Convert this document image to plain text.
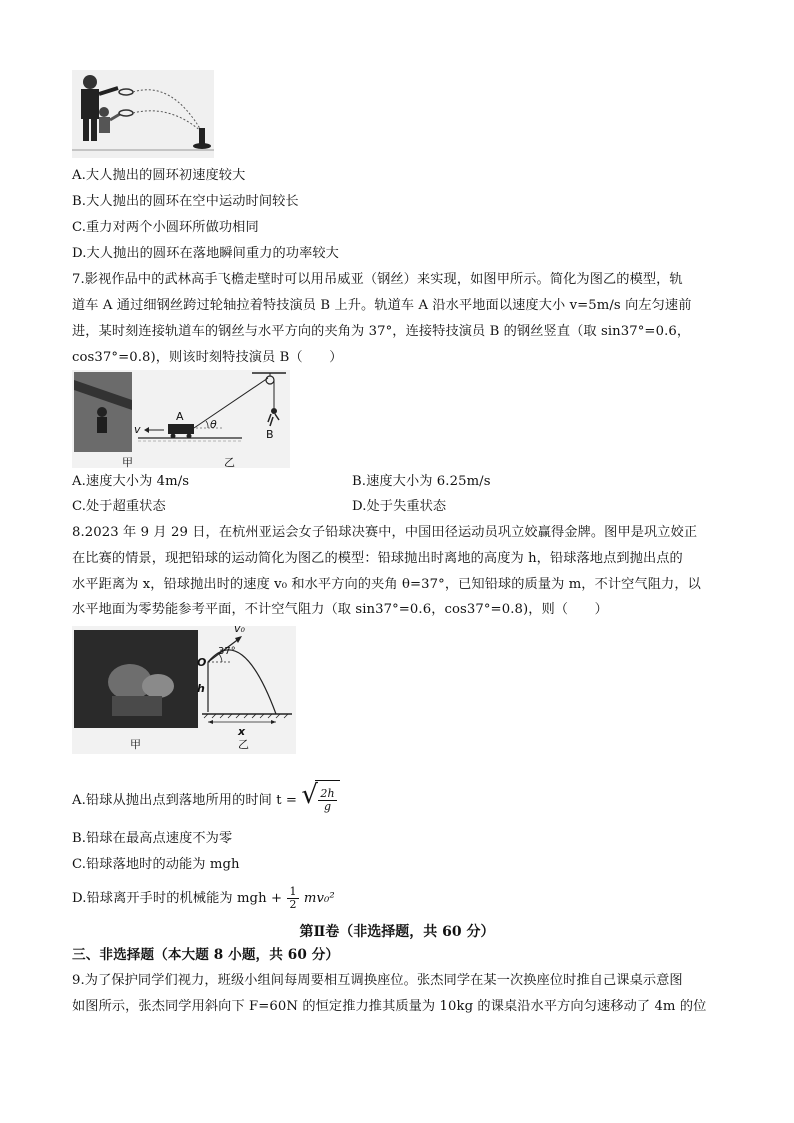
A.大人抛出的圆环初速度较大
B.大人抛出的圆环在空中运动时间较长
C.重力对两个小圆环所做功相同
D.大人抛出的圆环在落地瞬间重力的功率较大
7.影视作品中的武林高手飞檐走壁时可以用吊威亚（钢丝）来实现，如图甲所示。简化为图乙的模型，轨
道车 A 通过细钢丝跨过轮轴拉着特技演员 B 上升。轨道车 A 沿水平地面以速度大小 v=5m/s 向左匀速前
进，某时刻连接轨道车的钢丝与水平方向的夹角为 37°，连接特技演员 B 的钢丝竖直（取 sin37°=0.6，
cos37°=0.8)，则该时刻特技演员 B（　　）
v
A
θ
B
甲	乙
A.速度大小为 4m/s	B.速度大小为 6.25m/s
C.处于超重状态	D.处于失重状态
8.2023 年 9 月 29 日，在杭州亚运会女子铅球决赛中，中国田径运动员巩立姣赢得金牌。图甲是巩立姣正
在比赛的情景，现把铅球的运动简化为图乙的模型：铅球抛出时离地的高度为 h，铅球落地点到抛出点的
水平距离为 x，铅球抛出时的速度 v₀ 和水平方向的夹角 θ=37°，已知铅球的质量为 m，不计空气阻力，以
水平地面为零势能参考平面，不计空气阻力（取 sin37°=0.6，cos37°=0.8)，则（　　）
v₀
O
37°
h
x
甲	乙
A.铅球从抛出点到落地所用的时间 t = √ $\frac{2h}{g}$
B.铅球在最高点速度不为零
C.铅球落地时的动能为 mgh
D.铅球离开手时的机械能为 mgh + $\frac{1}{2} mv_0^2$
第Ⅱ卷（非选择题，共 60 分）
三、非选择题（本大题 8 小题，共 60 分）
9.为了保护同学们视力，班级小组间每周要相互调换座位。张杰同学在某一次换座位时推自己课桌示意图
如图所示，张杰同学用斜向下 F=60N 的恒定推力推其质量为 10kg 的课桌沿水平方向匀速移动了 4m 的位
